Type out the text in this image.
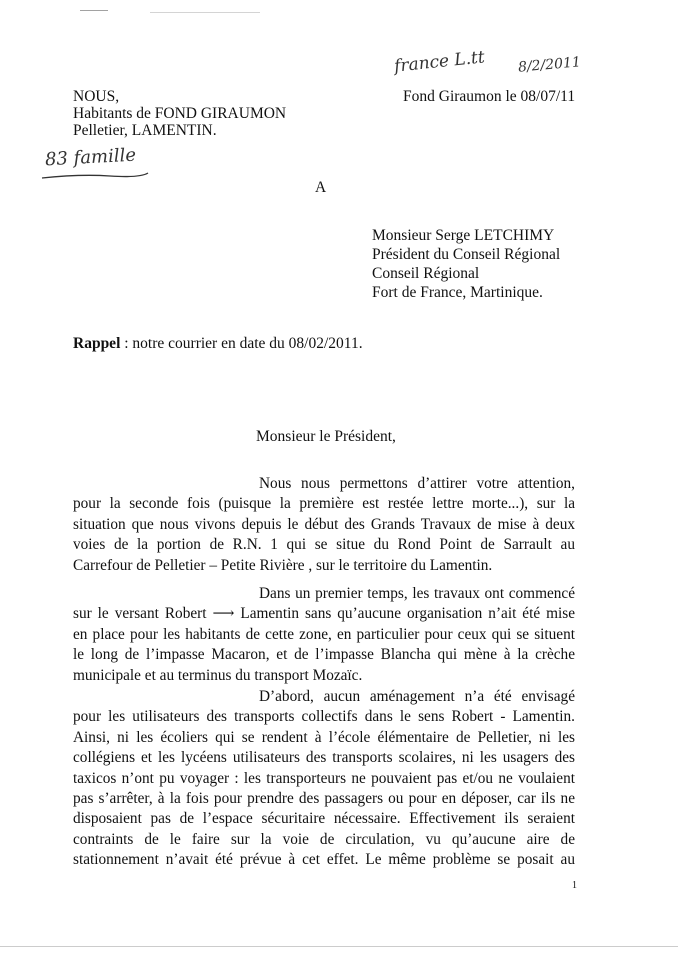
france L.tt 8/2/2011
NOUS,
Habitants de FOND GIRAUMON
Pelletier, LAMENTIN.
Fond Giraumon le 08/07/11
83 famille
A
Monsieur Serge LETCHIMY
Président du Conseil Régional
Conseil Régional
Fort de France, Martinique.
Rappel : notre courrier en date du 08/02/2011.
Monsieur le Président,

Nous nous permettons d’attirer votre attention,

pour la seconde fois (puisque la première est restée lettre morte...), sur la

situation que nous vivons depuis le début des Grands Travaux de mise à deux

voies de la portion de R.N. 1 qui se situe du Rond Point de Sarrault au

Carrefour de Pelletier – Petite Rivière , sur le territoire du Lamentin.

Dans un premier temps, les travaux ont commencé

sur le versant Robert ⟶ Lamentin sans qu’aucune organisation n’ait été mise

en place pour les habitants de cette zone, en particulier pour ceux qui se situent

le long de l’impasse Macaron, et de l’impasse Blancha qui mène à la crèche

municipale et au terminus du transport Mozaïc.

D’abord, aucun aménagement n’a été envisagé

pour les utilisateurs des transports collectifs dans le sens Robert - Lamentin.

Ainsi, ni les écoliers qui se rendent à l’école élémentaire de Pelletier, ni les

collégiens et les lycéens utilisateurs des transports scolaires, ni les usagers des

taxicos n’ont pu voyager : les transporteurs ne pouvaient pas et/ou ne voulaient

pas s’arrêter, à la fois pour prendre des passagers ou pour en déposer, car ils ne

disposaient pas de l’espace sécuritaire nécessaire. Effectivement ils seraient

contraints de le faire sur la voie de circulation, vu qu’aucune aire de

stationnement n’avait été prévue à cet effet. Le même problème se posait au

1
